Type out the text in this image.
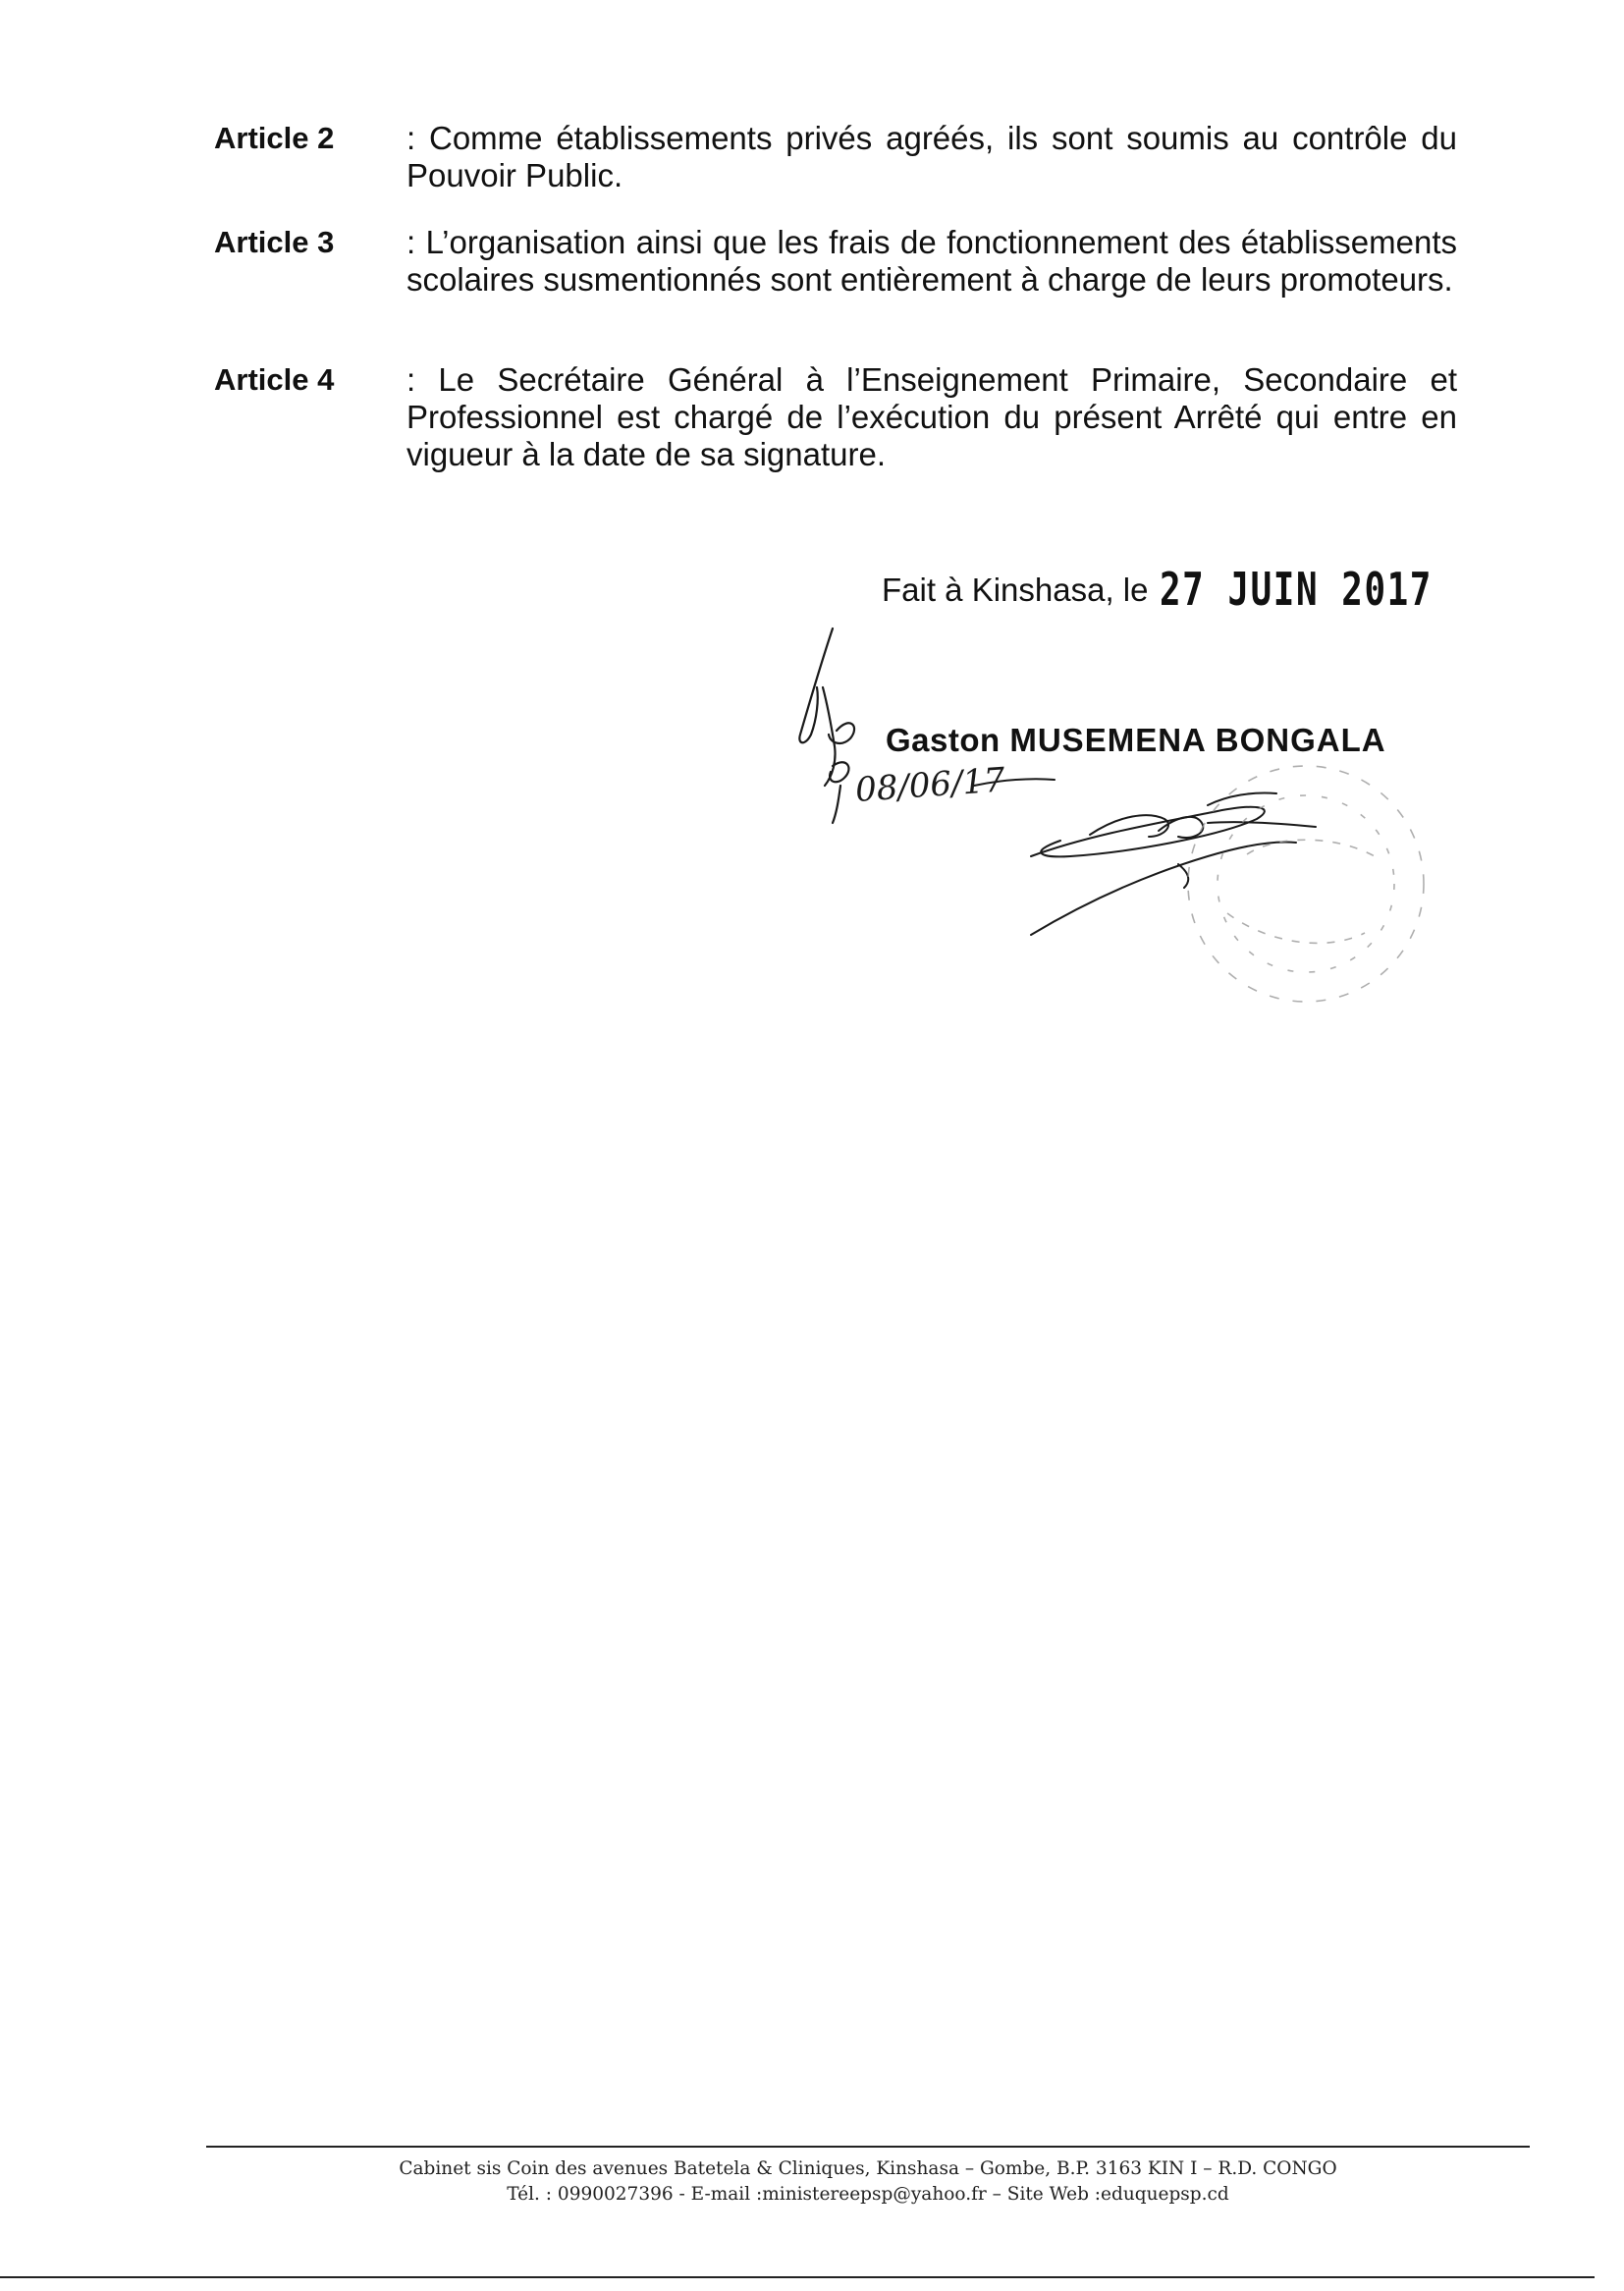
Article 2 : Comme établissements privés agréés, ils sont soumis au contrôle du Pouvoir Public.
Article 3 : L’organisation ainsi que les frais de fonctionnement des établissements scolaires susmentionnés sont entièrement à charge de leurs promoteurs.
Article 4 : Le Secrétaire Général à l’Enseignement Primaire, Secondaire et Professionnel est chargé de l’exécution du présent Arrêté qui entre en vigueur à la date de sa signature.
Fait à Kinshasa, le 27 JUIN 2017
Gaston MUSEMENA BONGALA
08/06/17
Cabinet sis Coin des avenues Batetela & Cliniques, Kinshasa – Gombe, B.P. 3163 KIN I – R.D. CONGO
Tél. : 0990027396 - E-mail :ministereepsp@yahoo.fr – Site Web :eduquepsp.cd
